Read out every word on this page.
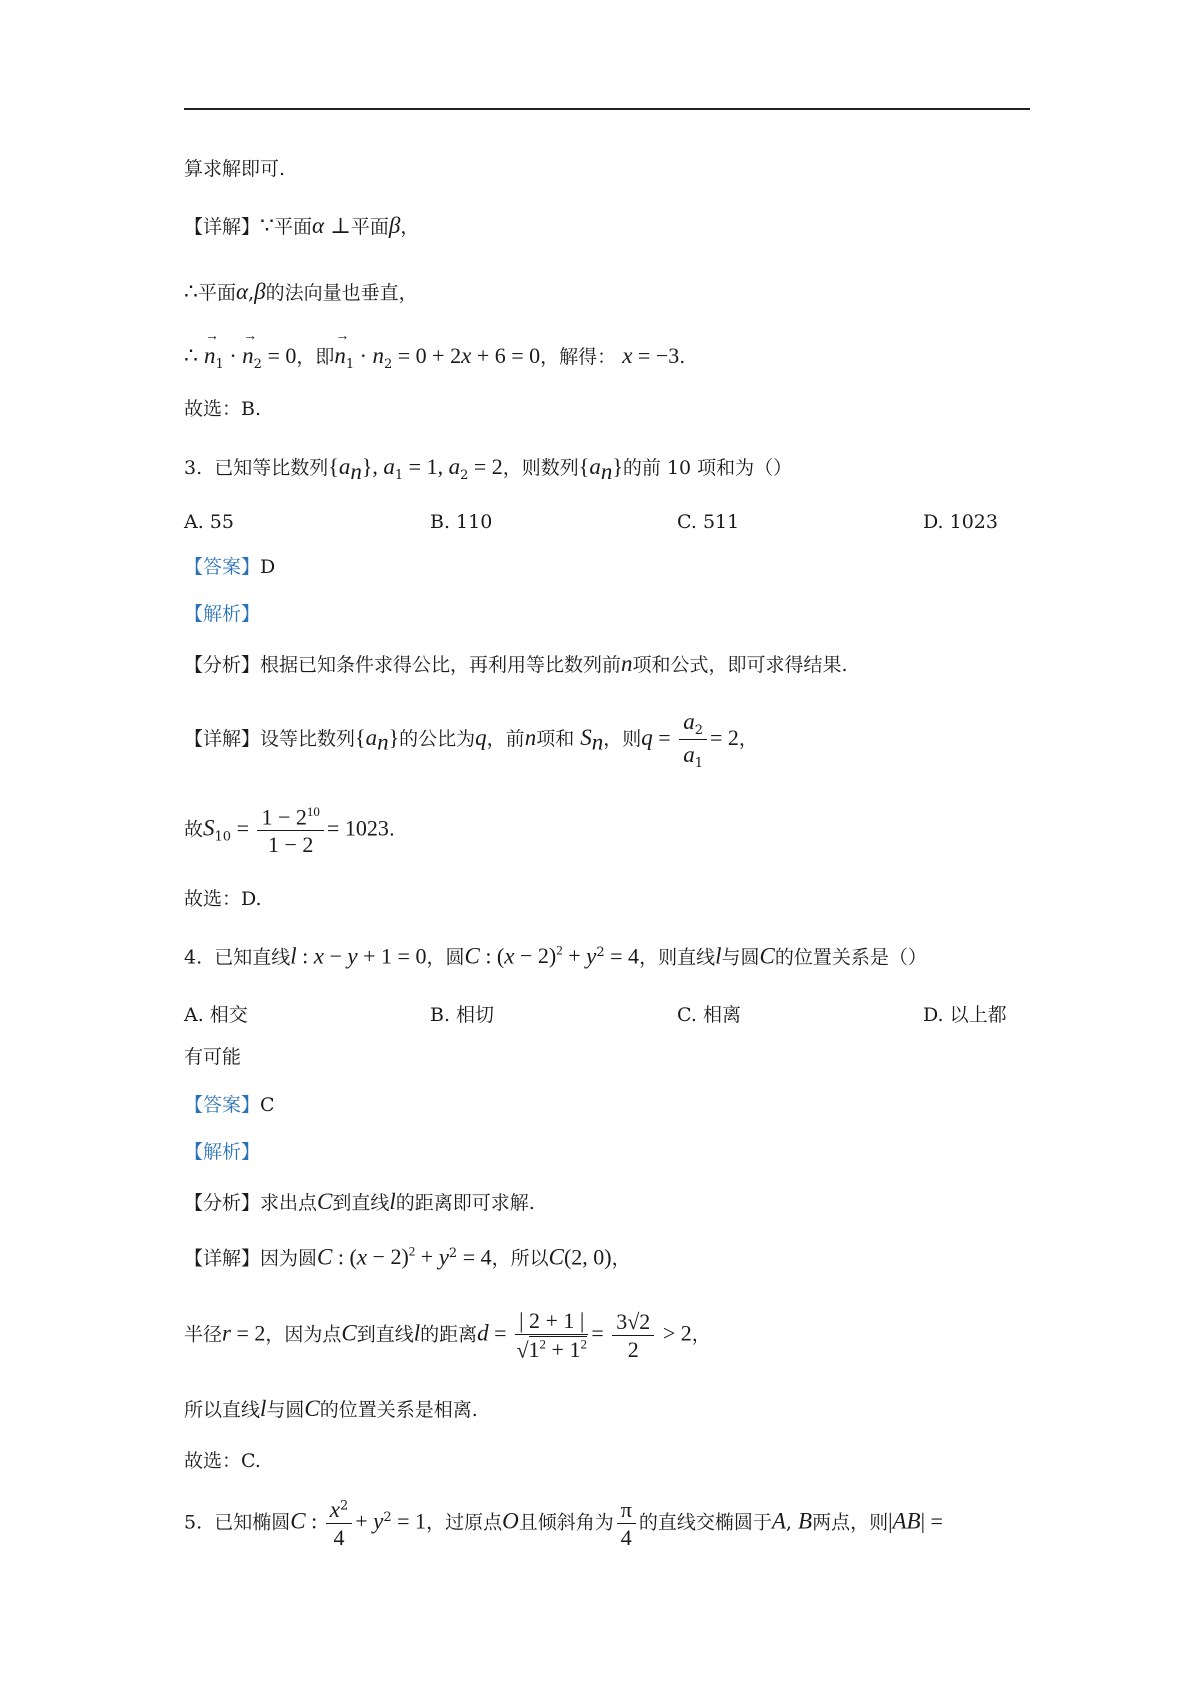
算求解即可.
【详解】∵平面α ⊥平面β，
∴平面α,β的法向量也垂直，
∴ → $n_1$ · → $n_2 = 0$，即→ $n_1 \cdot n_2 = 0 + 2x + 6 = 0$，解得： x = −3.
故选：B.
3. 已知等比数列$\{a_n\}$, $a_1 = 1$, $a_2 = 2$，则数列$\{a_n\}$的前 10 项和为（）
A. 55	B. 110	C. 511	D. 1023
【答案】D
【解析】
【分析】根据已知条件求得公比，再利用等比数列前n项和公式，即可求得结果.
【详解】设等比数列$\{a_n\}$的公比为q，前n项和 $S_n$，则$q = \frac{a_2}{a_1} = 2$，
故$S_{10} = \frac{1 - 2^{10}}{1 - 2} = 1023$.
故选：D.
4. 已知直线l : x − y + 1 = 0，圆C : $(x - 2)^2 + y^2 = 4$，则直线l与圆C的位置关系是（）
A. 相交	B. 相切	C. 相离	D. 以上都
有可能
【答案】C
【解析】
【分析】求出点C到直线l的距离即可求解.
【详解】因为圆C : $(x - 2)^2 + y^2 = 4$，所以C(2, 0)，
半径r = 2，因为点C到直线l的距离$d = \frac{| 2 + 1 |}{√1^2 + 1^2} = \frac{3√2}{2} > 2$，
所以直线l与圆C的位置关系是相离.
故选：C.
5. 已知椭圆C : $\frac{x^2}{4} + y^2 = 1$，过原点O且倾斜角为 $\frac{\pi}{4}$ 的直线交椭圆于A, B两点，则|AB| =
